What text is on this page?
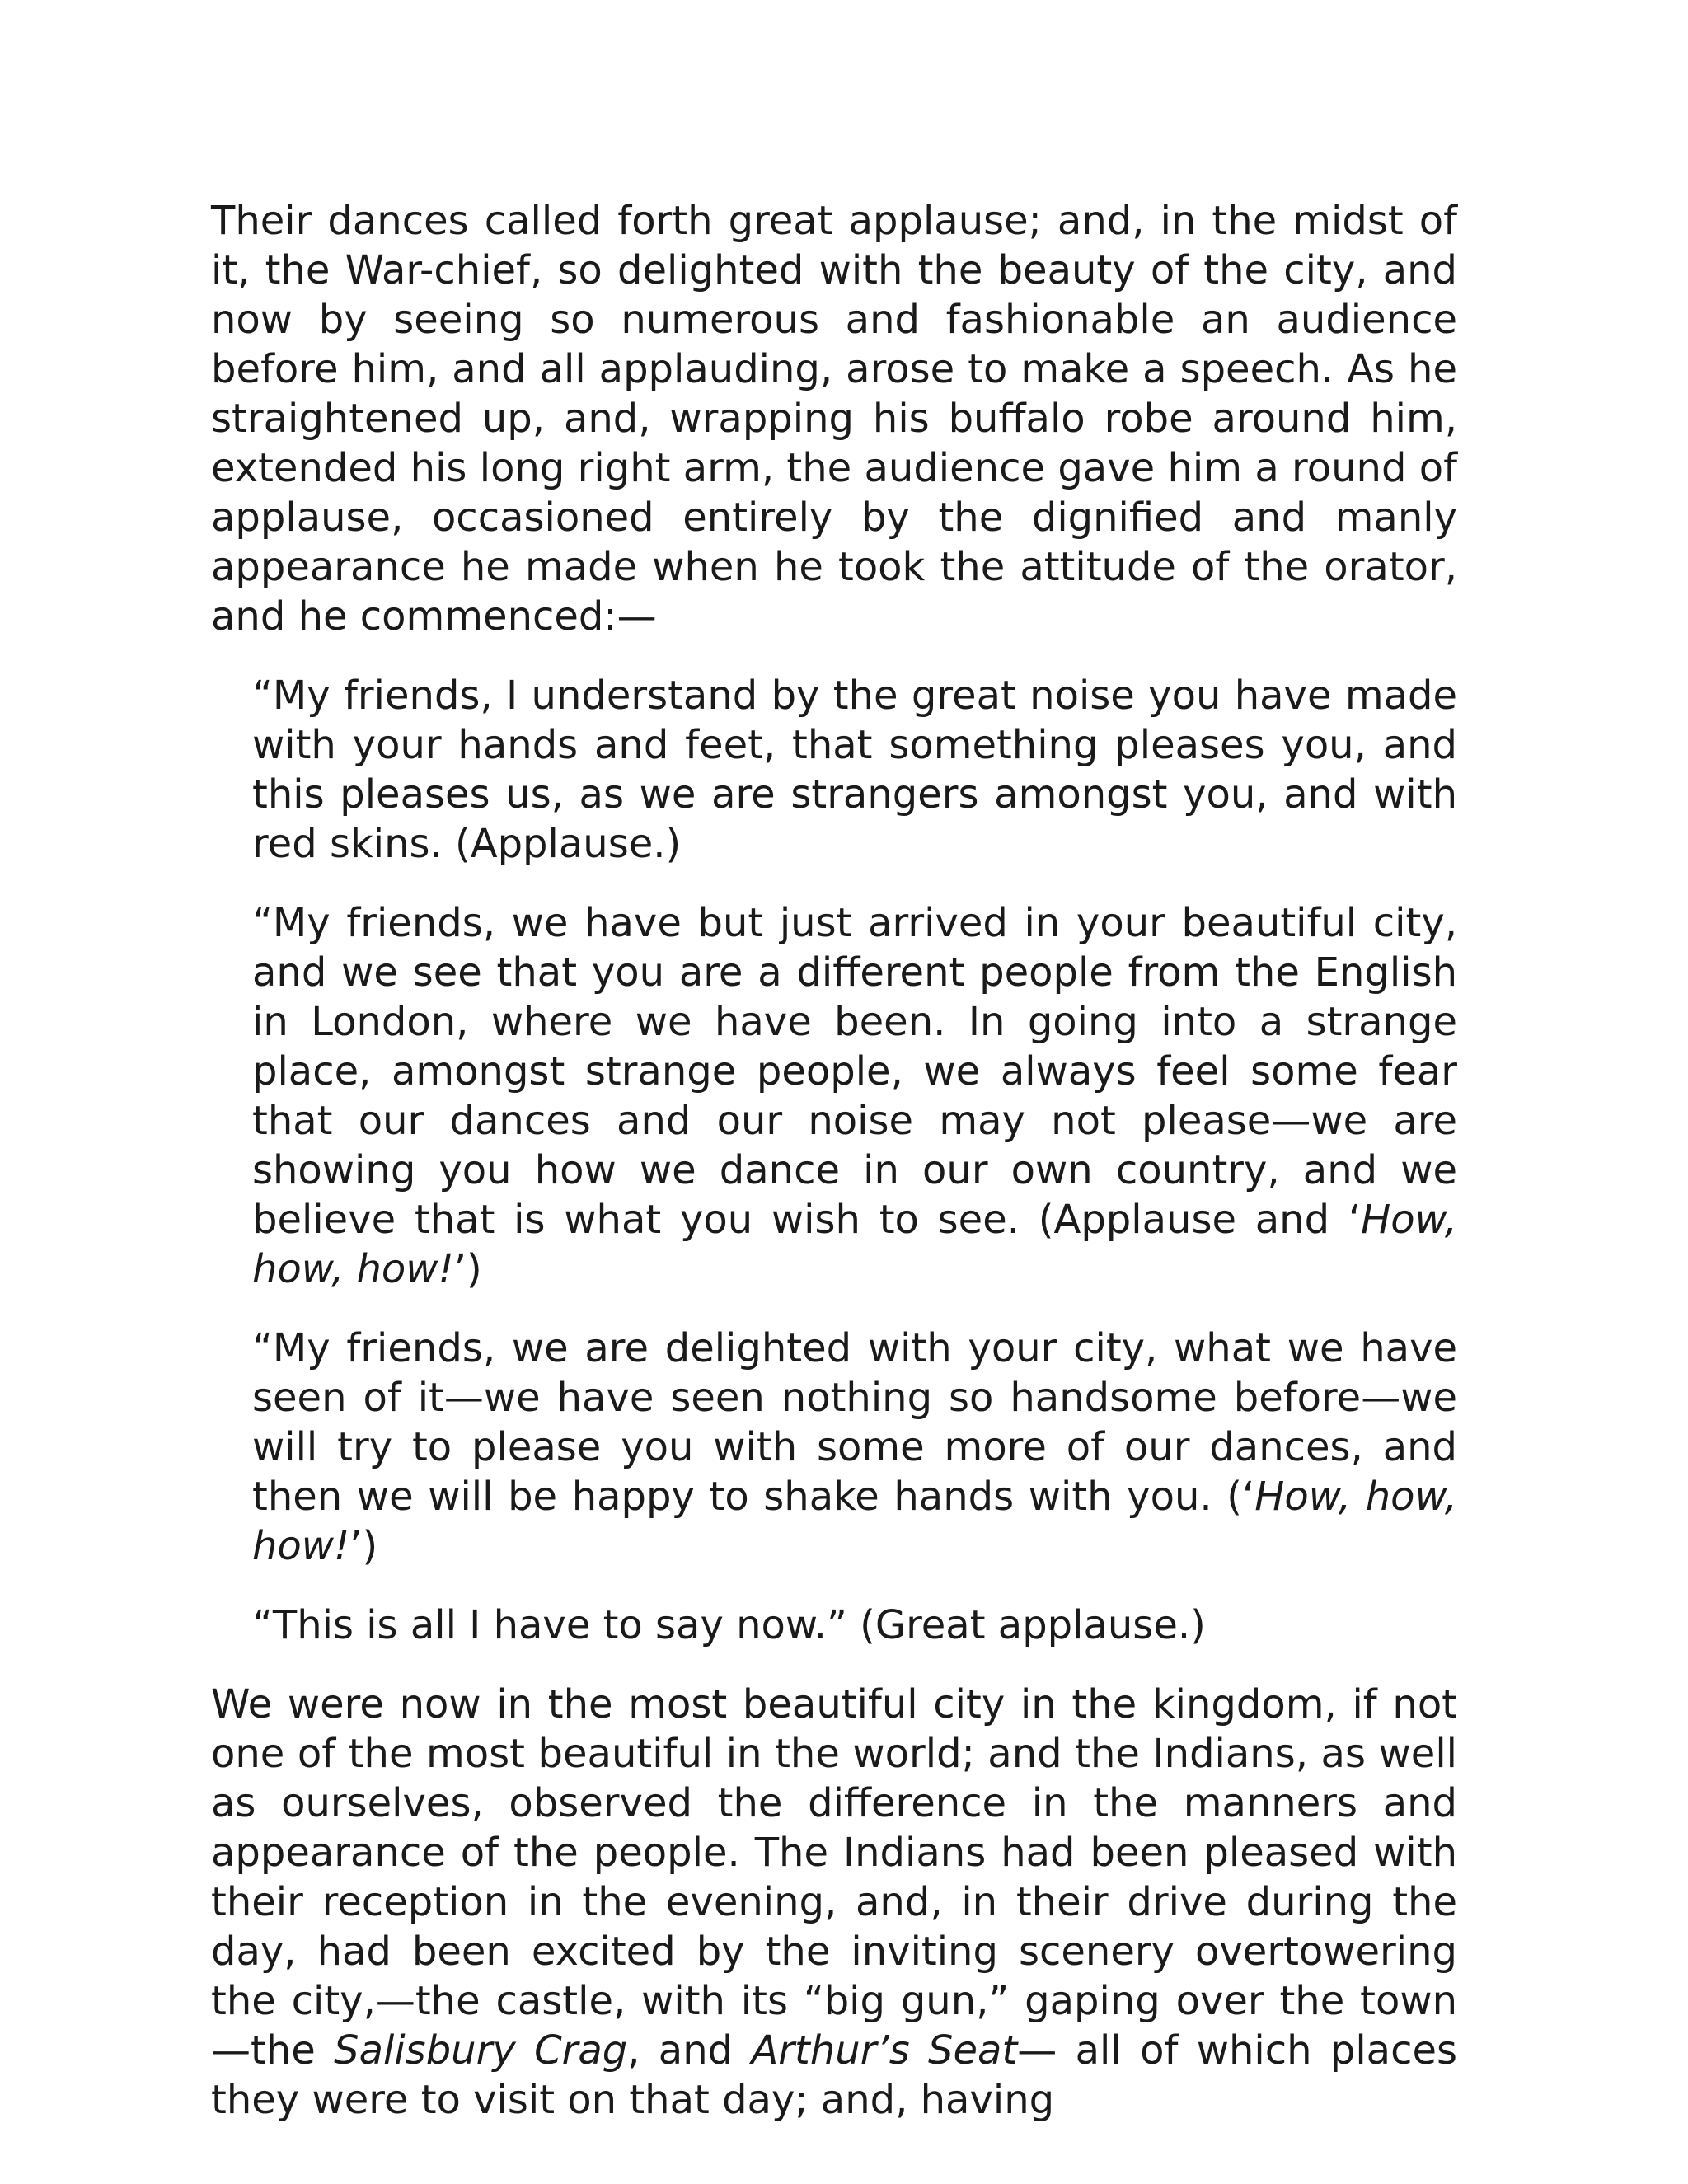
Their dances called forth great applause; and, in the midst of it, the War-chief, so delighted with the beauty of the city, and now by seeing so numerous and fashionable an audience before him, and all applauding, arose to make a speech. As he straightened up, and, wrapping his buffalo robe around him, extended his long right arm, the audience gave him a round of applause, occasioned entirely by the dignified and manly appearance he made when he took the attitude of the orator, and he commenced:—

“My friends, I understand by the great noise you have made with your hands and feet, that something pleases you, and this pleases us, as we are strangers amongst you, and with red skins. (Applause.)

“My friends, we have but just arrived in your beautiful city, and we see that you are a different people from the English in London, where we have been. In going into a strange place, amongst strange people, we always feel some fear that our dances and our noise may not please—we are showing you how we dance in our own country, and we believe that is what you wish to see. (Applause and ‘How, how, how!’)

“My friends, we are delighted with your city, what we have seen of it—we have seen nothing so handsome before—we will try to please you with some more of our dances, and then we will be happy to shake hands with you. (‘How, how, how!’)

“This is all I have to say now.” (Great applause.)

We were now in the most beautiful city in the kingdom, if not one of the most beautiful in the world; and the Indians, as well as ourselves, observed the difference in the manners and appearance of the people. The Indians had been pleased with their reception in the evening, and, in their drive during the day, had been excited by the inviting scenery overtowering the city,—the castle, with its “big gun,” gaping over the town—the Salisbury Crag, and Arthur’s Seat— all of which places they were to visit on that day; and, having
